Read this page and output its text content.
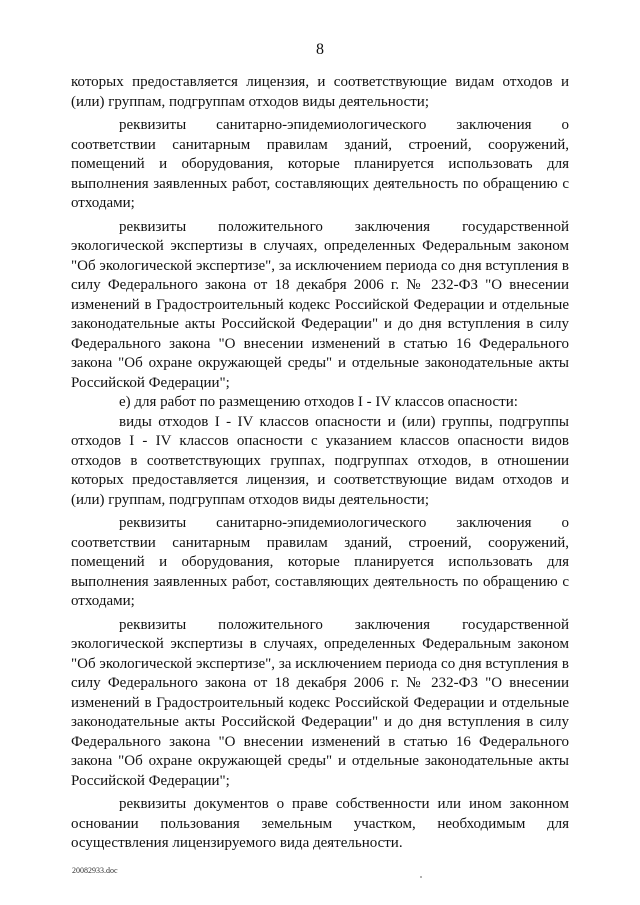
8

которых предоставляется лицензия, и соответствующие видам отходов и (или) группам, подгруппам отходов виды деятельности;

реквизиты санитарно-эпидемиологического заключения о соответствии санитарным правилам зданий, строений, сооружений, помещений и оборудования, которые планируется использовать для выполнения заявленных работ, составляющих деятельность по обращению с отходами;

реквизиты положительного заключения государственной экологической экспертизы в случаях, определенных Федеральным законом "Об экологической экспертизе", за исключением периода со дня вступления в силу Федерального закона от 18 декабря 2006 г. № 232-ФЗ "О внесении изменений в Градостроительный кодекс Российской Федерации и отдельные законодательные акты Российской Федерации" и до дня вступления в силу Федерального закона "О внесении изменений в статью 16 Федерального закона "Об охране окружающей среды" и отдельные законодательные акты Российской Федерации";

е) для работ по размещению отходов I - IV классов опасности:

виды отходов I - IV классов опасности и (или) группы, подгруппы отходов I - IV классов опасности с указанием классов опасности видов отходов в соответствующих группах, подгруппах отходов, в отношении которых предоставляется лицензия, и соответствующие видам отходов и (или) группам, подгруппам отходов виды деятельности;

реквизиты санитарно-эпидемиологического заключения о соответствии санитарным правилам зданий, строений, сооружений, помещений и оборудования, которые планируется использовать для выполнения заявленных работ, составляющих деятельность по обращению с отходами;

реквизиты положительного заключения государственной экологической экспертизы в случаях, определенных Федеральным законом "Об экологической экспертизе", за исключением периода со дня вступления в силу Федерального закона от 18 декабря 2006 г. № 232-ФЗ "О внесении изменений в Градостроительный кодекс Российской Федерации и отдельные законодательные акты Российской Федерации" и до дня вступления в силу Федерального закона "О внесении изменений в статью 16 Федерального закона "Об охране окружающей среды" и отдельные законодательные акты Российской Федерации";

реквизиты документов о праве собственности или ином законном основании пользования земельным участком, необходимым для осуществления лицензируемого вида деятельности.

20082933.doc
